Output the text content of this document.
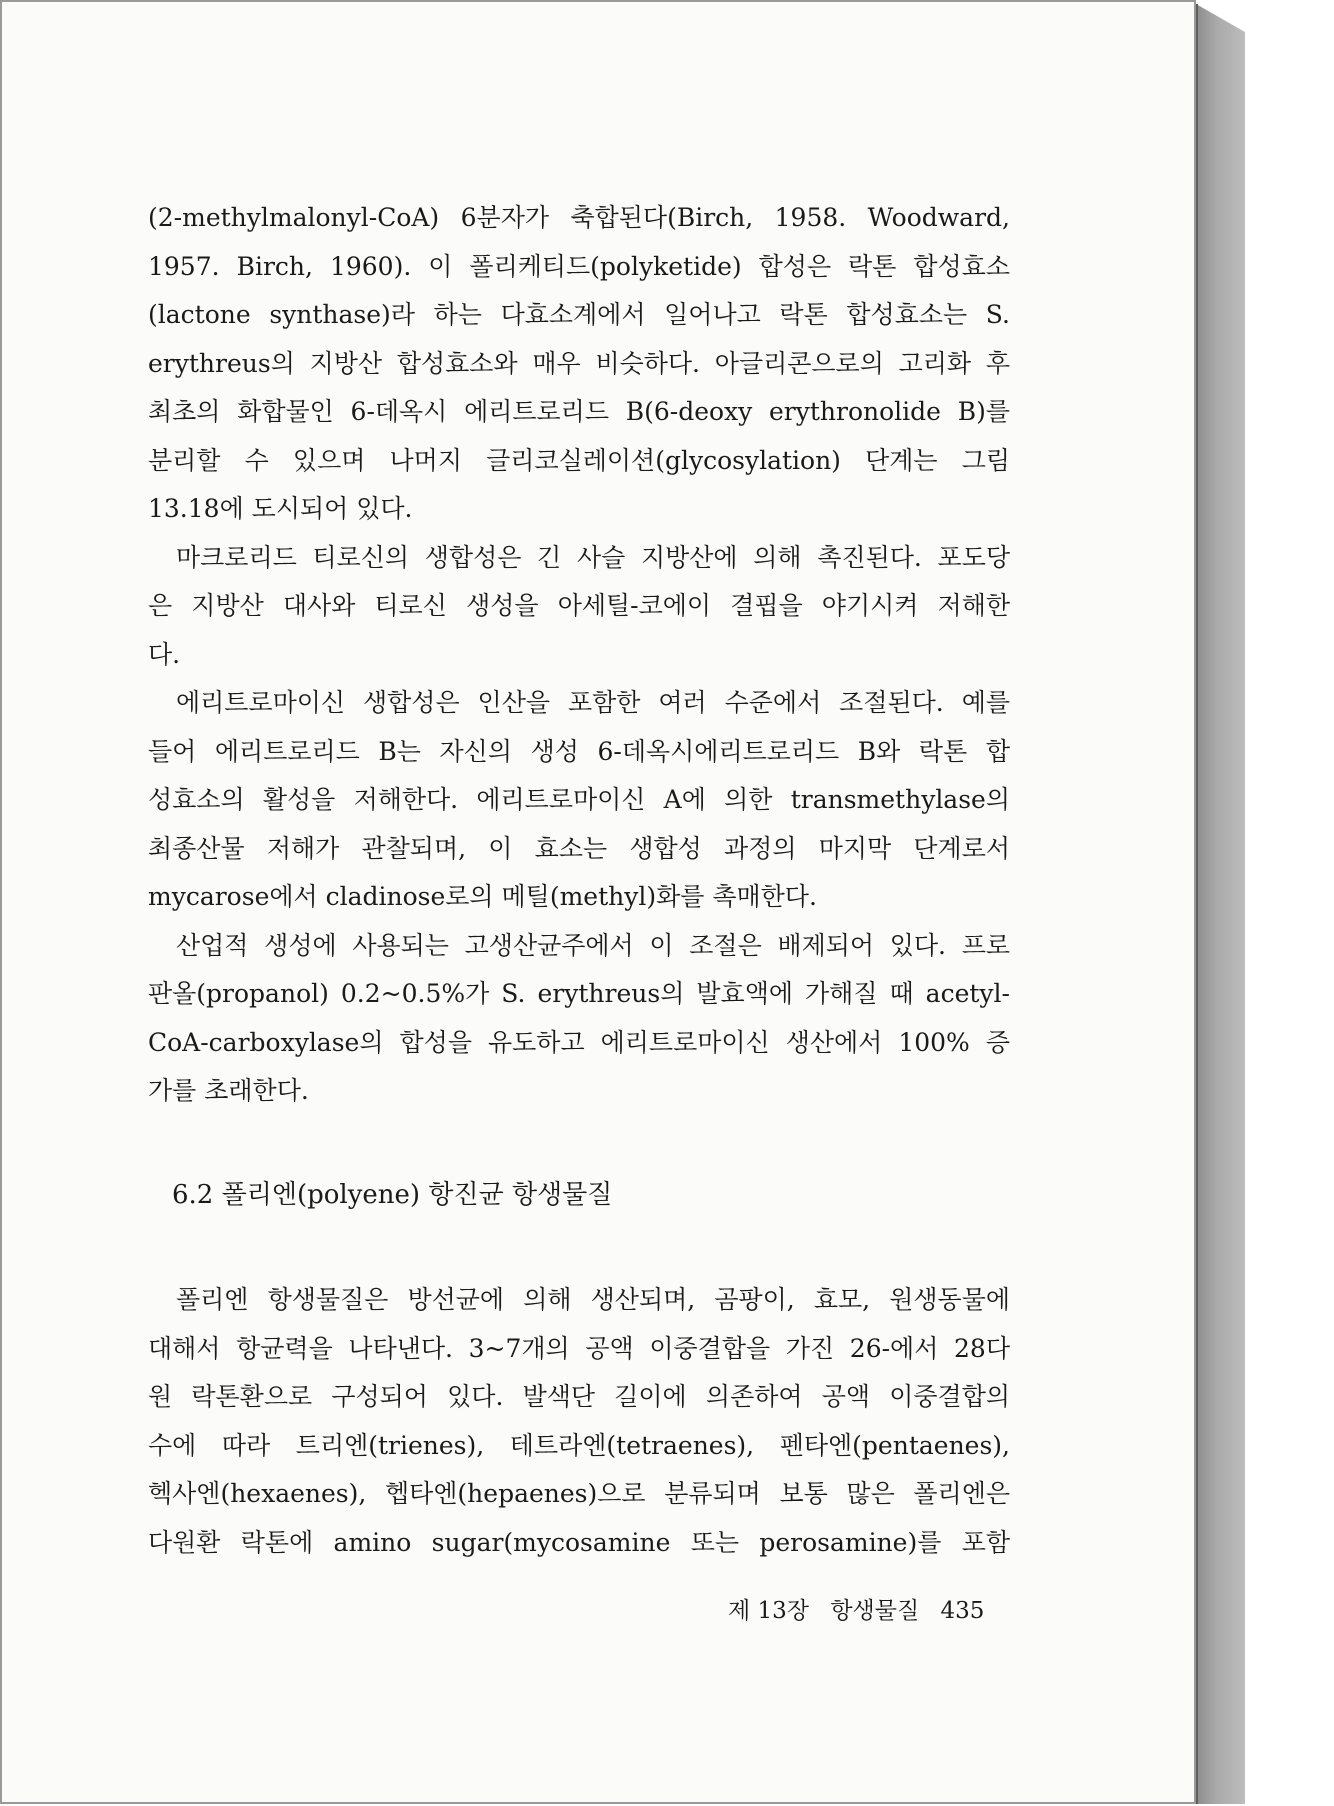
(2-methylmalonyl-CoA) 6분자가 축합된다(Birch, 1958. Woodward,
1957. Birch, 1960). 이 폴리케티드(polyketide) 합성은 락톤 합성효소
(lactone synthase)라 하는 다효소계에서 일어나고 락톤 합성효소는 S.
erythreus의 지방산 합성효소와 매우 비슷하다. 아글리콘으로의 고리화 후
최초의 화합물인 6-데옥시 에리트로리드 B(6-deoxy erythronolide B)를
분리할 수 있으며 나머지 글리코실레이션(glycosylation) 단계는 그림
13.18에 도시되어 있다.
마크로리드 티로신의 생합성은 긴 사슬 지방산에 의해 촉진된다. 포도당
은 지방산 대사와 티로신 생성을 아세틸-코에이 결핍을 야기시켜 저해한
다.
에리트로마이신 생합성은 인산을 포함한 여러 수준에서 조절된다. 예를
들어 에리트로리드 B는 자신의 생성 6-데옥시에리트로리드 B와 락톤 합
성효소의 활성을 저해한다. 에리트로마이신 A에 의한 transmethylase의
최종산물 저해가 관찰되며, 이 효소는 생합성 과정의 마지막 단계로서
mycarose에서 cladinose로의 메틸(methyl)화를 촉매한다.
산업적 생성에 사용되는 고생산균주에서 이 조절은 배제되어 있다. 프로
판올(propanol) 0.2~0.5%가 S. erythreus의 발효액에 가해질 때 acetyl-
CoA-carboxylase의 합성을 유도하고 에리트로마이신 생산에서 100% 증
가를 초래한다.
6.2 폴리엔(polyene) 항진균 항생물질
폴리엔 항생물질은 방선균에 의해 생산되며, 곰팡이, 효모, 원생동물에
대해서 항균력을 나타낸다. 3~7개의 공액 이중결합을 가진 26-에서 28다
원 락톤환으로 구성되어 있다. 발색단 길이에 의존하여 공액 이중결합의
수에 따라 트리엔(trienes), 테트라엔(tetraenes), 펜타엔(pentaenes),
헥사엔(hexaenes), 헵타엔(hepaenes)으로 분류되며 보통 많은 폴리엔은
다원환 락톤에 amino sugar(mycosamine 또는 perosamine)를 포함
제 13장 항생물질 435
